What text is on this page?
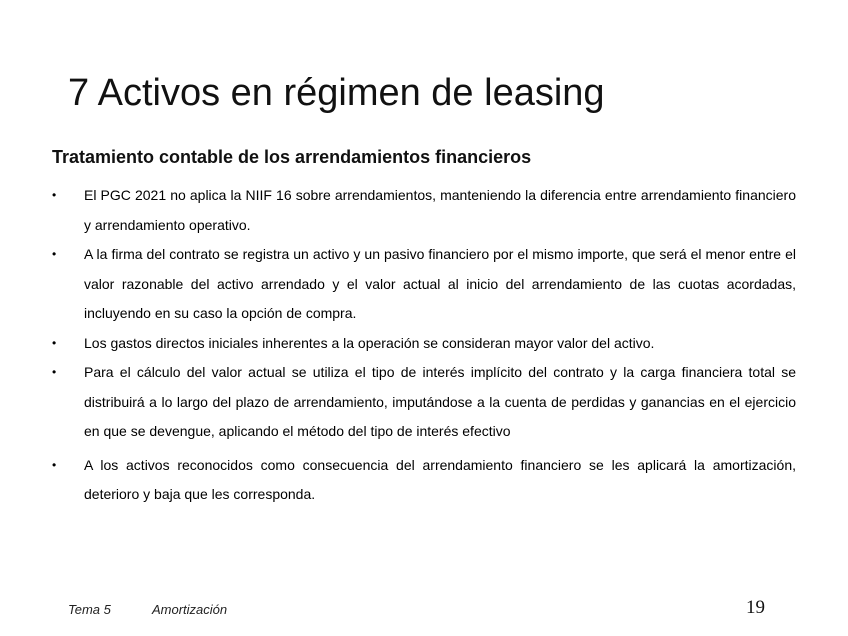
7 Activos en régimen de leasing
Tratamiento contable de los arrendamientos financieros
• El PGC 2021 no aplica la NIIF 16 sobre arrendamientos, manteniendo la diferencia entre arrendamiento financiero y arrendamiento operativo.
• A la firma del contrato se registra un activo y un pasivo financiero por el mismo importe, que será el menor entre el valor razonable del activo arrendado y el valor actual al inicio del arrendamiento de las cuotas acordadas, incluyendo en su caso la opción de compra.
• Los gastos directos iniciales inherentes a la operación se consideran mayor valor del activo.
• Para el cálculo del valor actual se utiliza el tipo de interés implícito del contrato y la carga financiera total se distribuirá a lo largo del plazo de arrendamiento, imputándose a la cuenta de perdidas y ganancias en el ejercicio en que se devengue, aplicando el método del tipo de interés efectivo
• A los activos reconocidos como consecuencia del arrendamiento financiero se les aplicará la amortización, deterioro y baja que les corresponda.
Tema 5	Amortización	19
